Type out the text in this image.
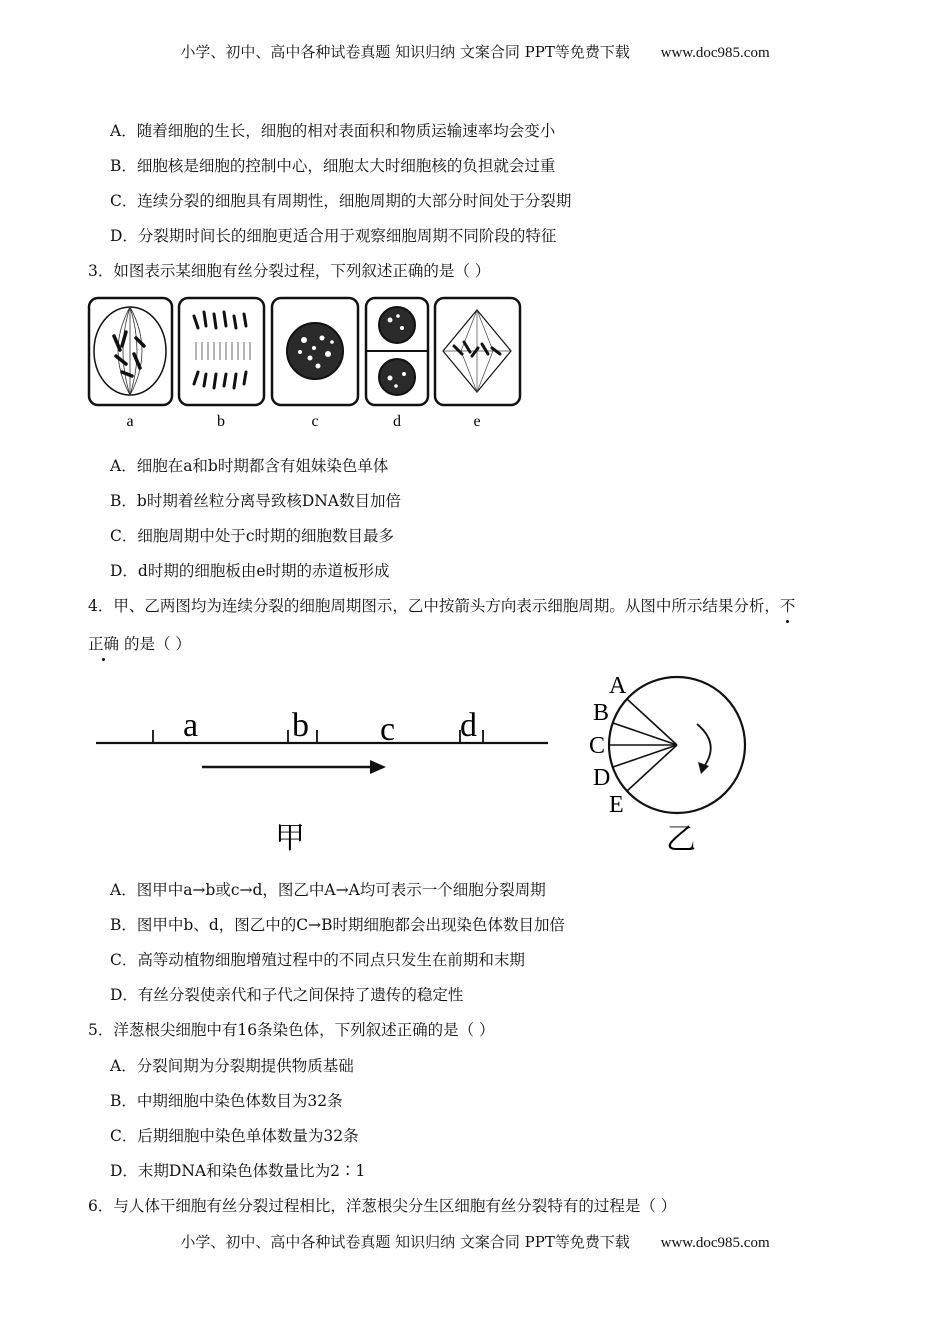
小学、初中、高中各种试卷真题 知识归纳 文案合同 PPT等免费下载 www.doc985.com
A．随着细胞的生长，细胞的相对表面积和物质运输速率均会变小
B．细胞核是细胞的控制中心，细胞太大时细胞核的负担就会过重
C．连续分裂的细胞具有周期性，细胞周期的大部分时间处于分裂期
D．分裂期时间长的细胞更适合用于观察细胞周期不同阶段的特征
3．如图表示某细胞有丝分裂过程，下列叙述正确的是（ ）
a	b	c	d	e
A．细胞在a和b时期都含有姐妹染色单体
B．b时期着丝粒分离导致核DNA数目加倍
C．细胞周期中处于c时期的细胞数目最多
D．d时期的细胞板由e时期的赤道板形成
4．甲、乙两图均为连续分裂的细胞周期图示，乙中按箭头方向表示细胞周期。从图中所示结果分析，不
正确 的是（ ）
a	b c d
甲
A
B
C
D
E
乙
A．图甲中a→b或c→d，图乙中A→A均可表示一个细胞分裂周期
B．图甲中b、d，图乙中的C→B时期细胞都会出现染色体数目加倍
C．高等动植物细胞增殖过程中的不同点只发生在前期和末期
D．有丝分裂使亲代和子代之间保持了遗传的稳定性
5．洋葱根尖细胞中有16条染色体，下列叙述正确的是（ ）
A．分裂间期为分裂期提供物质基础
B．中期细胞中染色体数目为32条
C．后期细胞中染色单体数量为32条
D．末期DNA和染色体数量比为2∶1
6．与人体干细胞有丝分裂过程相比，洋葱根尖分生区细胞有丝分裂特有的过程是（ ）
小学、初中、高中各种试卷真题 知识归纳 文案合同 PPT等免费下载 www.doc985.com
